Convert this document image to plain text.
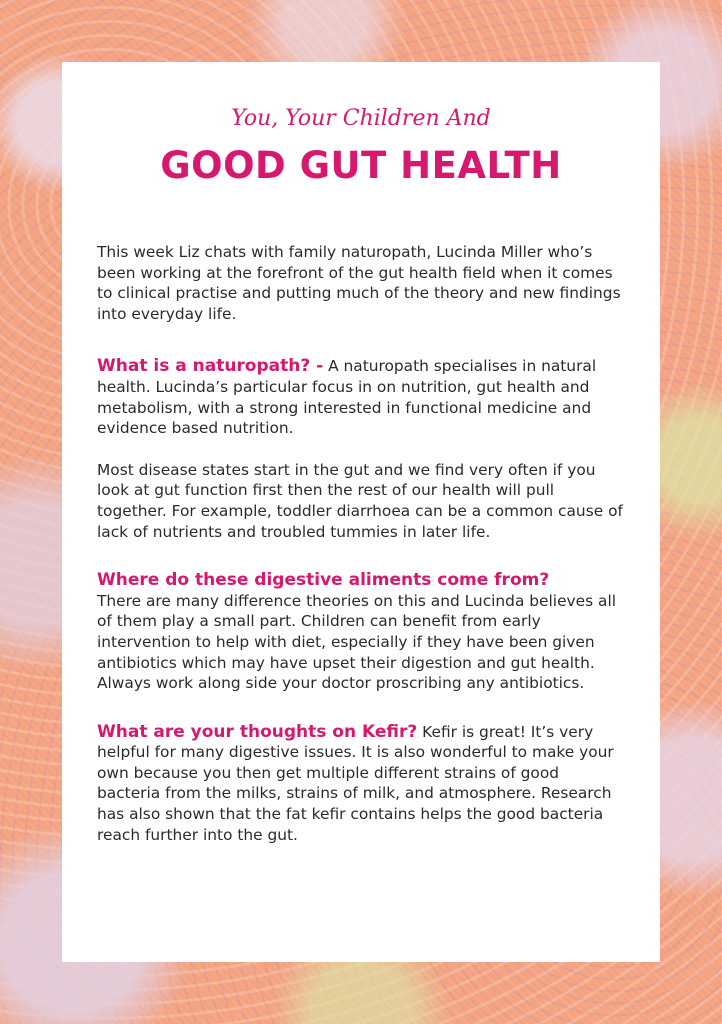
You, Your Children And

GOOD GUT HEALTH

This week Liz chats with family naturopath, Lucinda Miller who’s been working at the forefront of the gut health field when it comes to clinical practise and putting much of the theory and new findings into everyday life.

What is a naturopath? - A naturopath specialises in natural health. Lucinda’s particular focus in on nutrition, gut health and metabolism, with a strong interested in functional medicine and evidence based nutrition.

Most disease states start in the gut and we find very often if you look at gut function first then the rest of our health will pull together. For example, toddler diarrhoea can be a common cause of lack of nutrients and troubled tummies in later life.

Where do these digestive aliments come from?

There are many difference theories on this and Lucinda believes all of them play a small part. Children can benefit from early intervention to help with diet, especially if they have been given antibiotics which may have upset their digestion and gut health. Always work along side your doctor proscribing any antibiotics.

What are your thoughts on Kefir? Kefir is great! It’s very helpful for many digestive issues. It is also wonderful to make your own because you then get multiple different strains of good bacteria from the milks, strains of milk, and atmosphere. Research has also shown that the fat kefir contains helps the good bacteria reach further into the gut.
